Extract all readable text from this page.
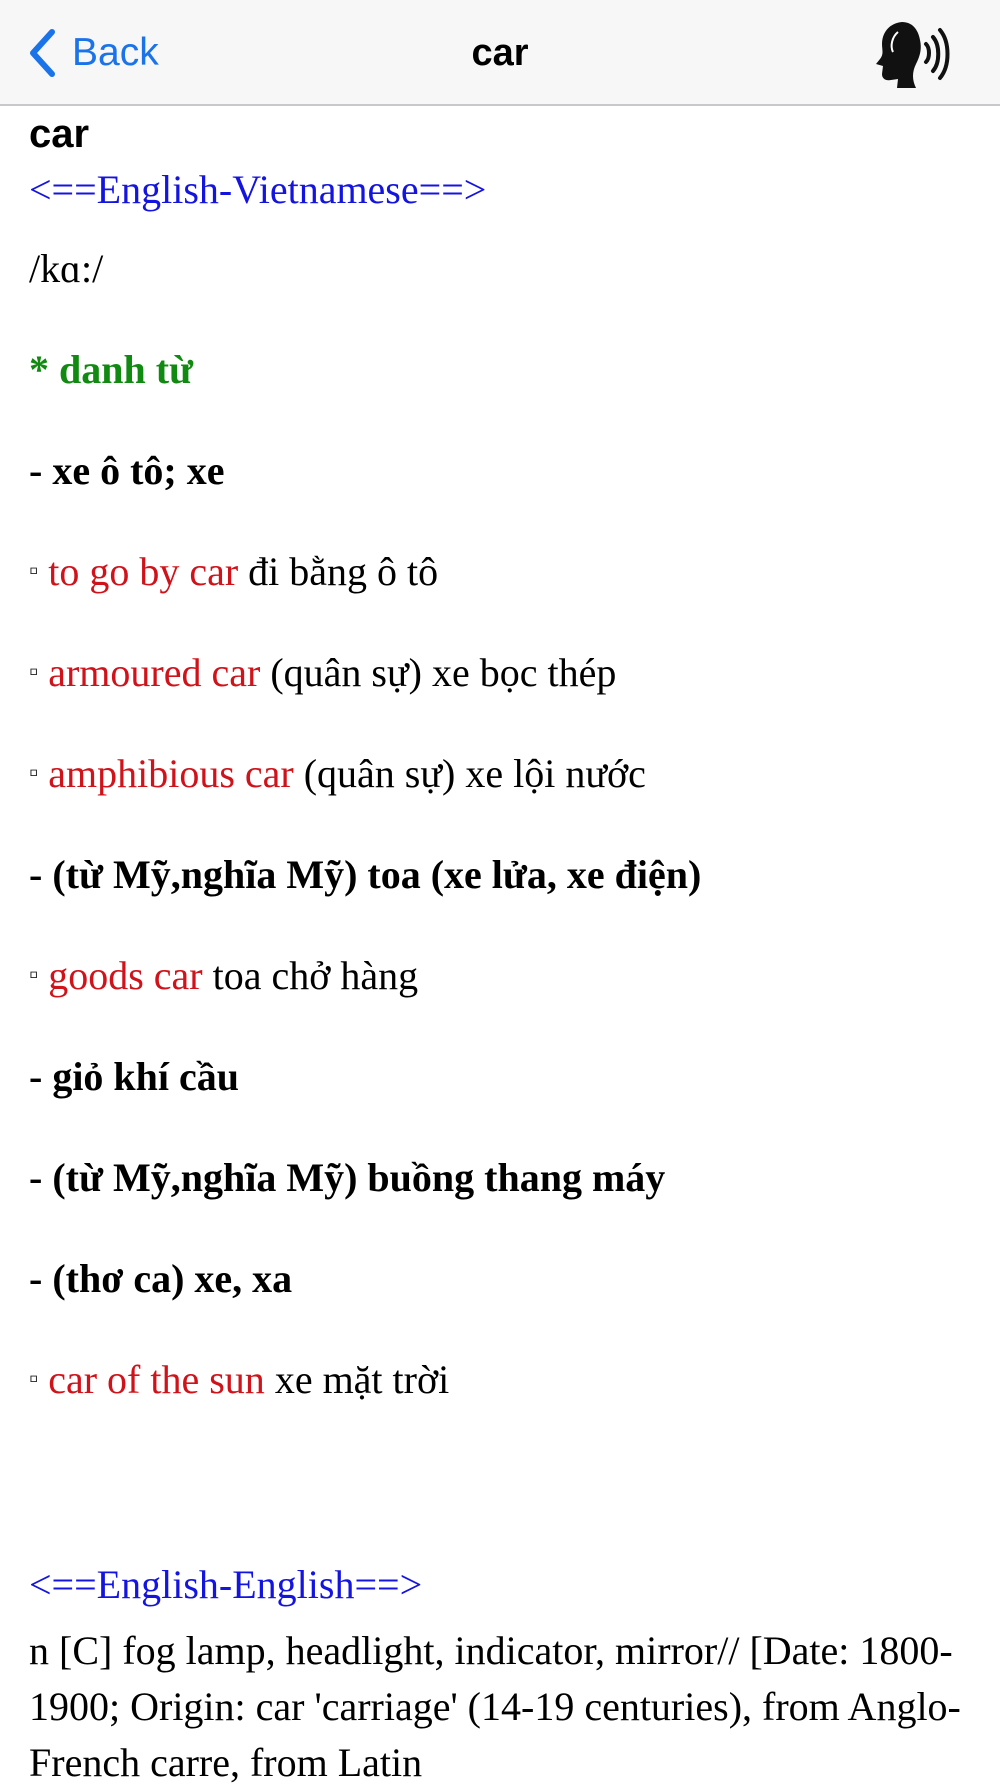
Back	car
car
<==English-Vietnamese==>
/kɑ:/
* danh từ
- xe ô tô; xe
▫ to go by car đi bằng ô tô
▫ armoured car (quân sự) xe bọc thép
▫ amphibious car (quân sự) xe lội nước
- (từ Mỹ,nghĩa Mỹ) toa (xe lửa, xe điện)
▫ goods car toa chở hàng
- giỏ khí cầu
- (từ Mỹ,nghĩa Mỹ) buồng thang máy
- (thơ ca) xe, xa
▫ car of the sun xe mặt trời
<==English-English==>
n [C] fog lamp, headlight, indicator, mirror// [Date: 1800-1900; Origin: car 'carriage' (14-19 centuries), from Anglo-French carre, from Latin
